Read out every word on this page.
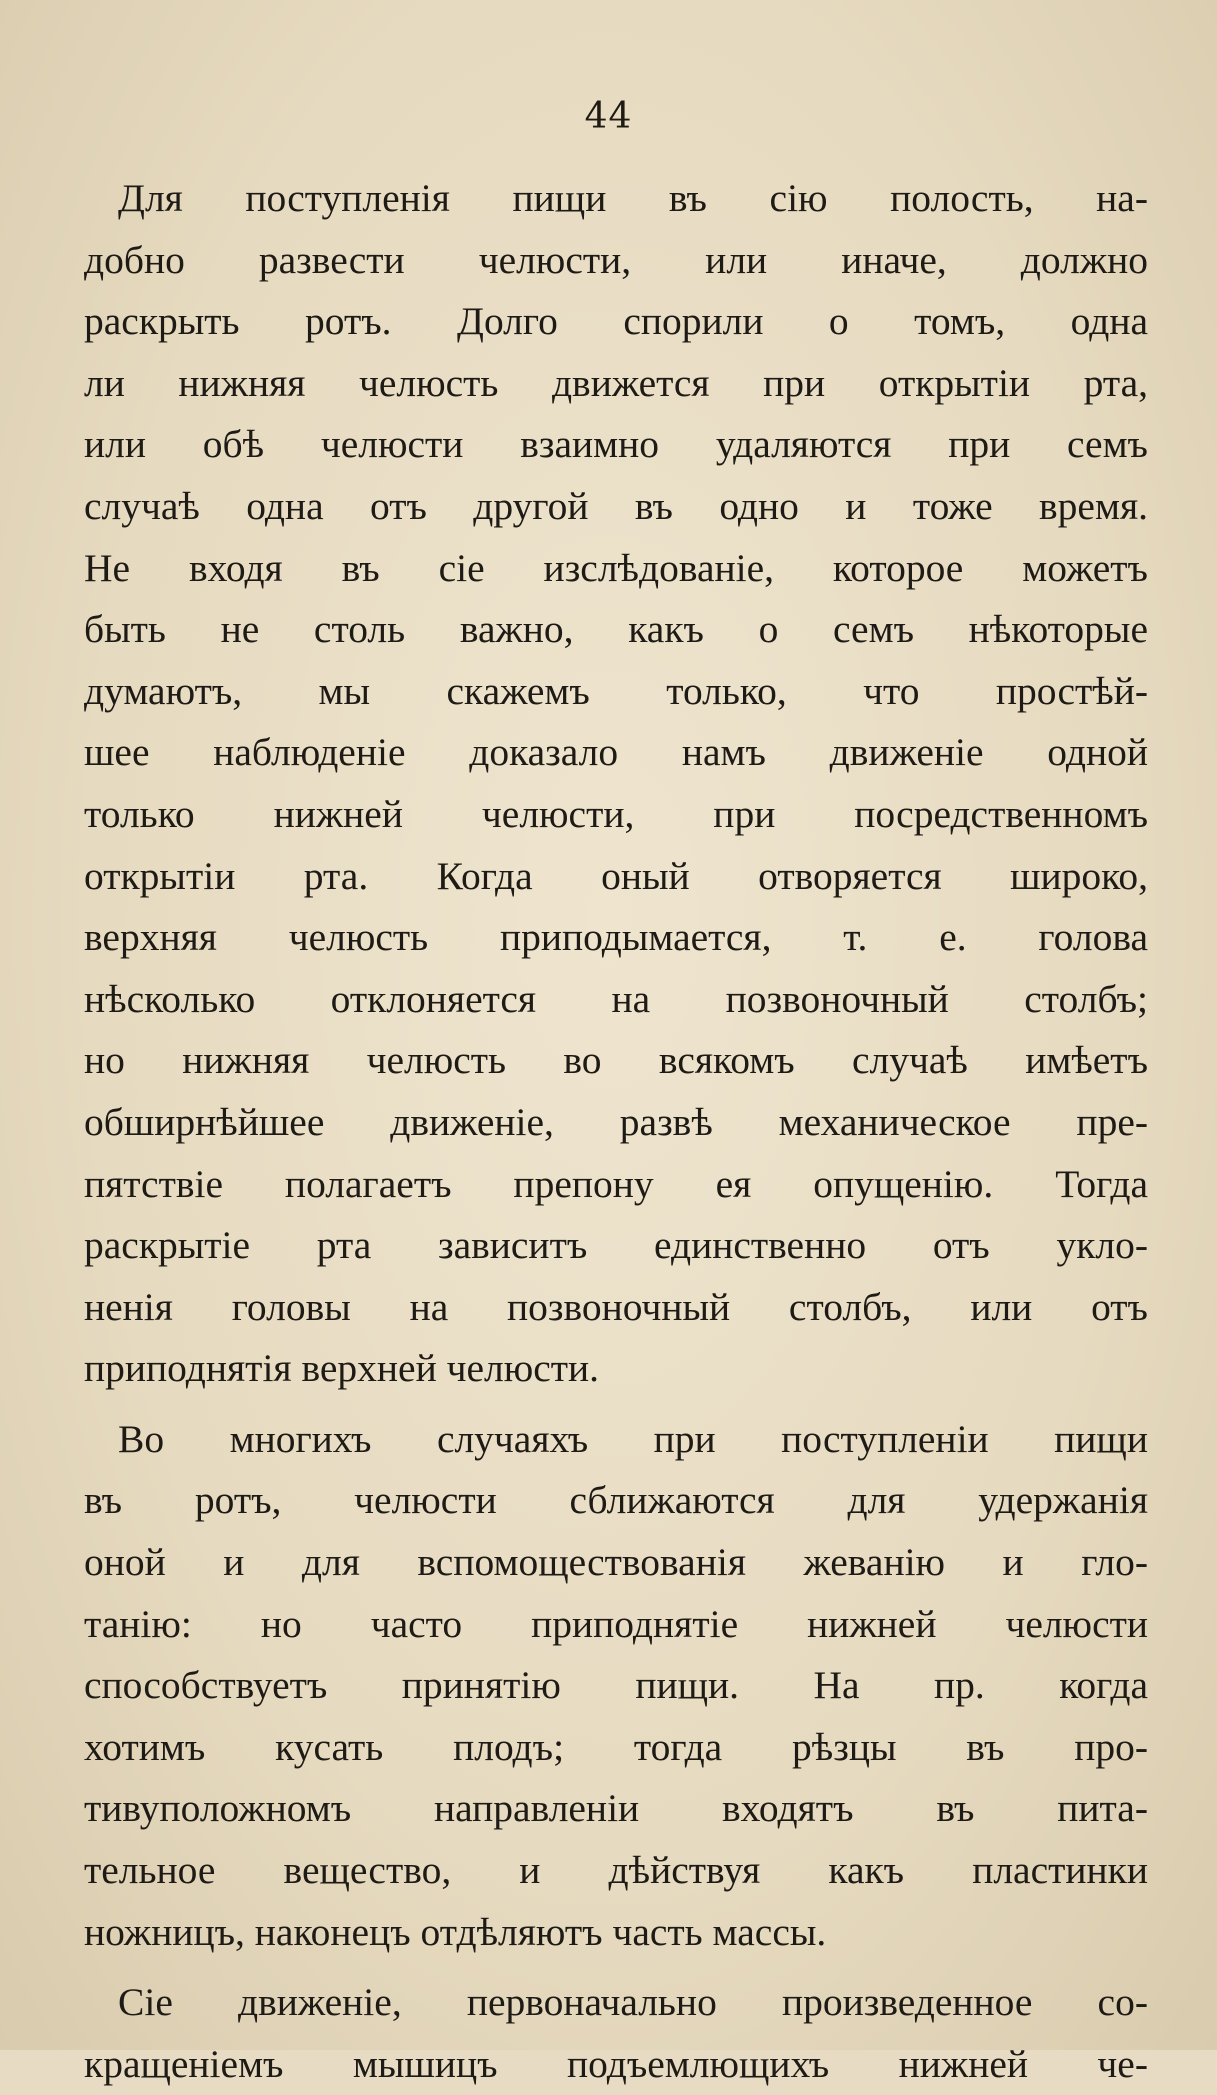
44

Для поступленія пищи въ сію полость, на-
добно развести челюсти, или иначе, должно
раскрыть ротъ. Долго спорили о томъ, одна
ли нижняя челюсть движется при открытіи рта,
или обѣ челюсти взаимно удаляются при семъ
случаѣ одна отъ другой въ одно и тоже время.
Не входя въ сіе изслѣдованіе, которое можетъ
быть не столь важно, какъ о семъ нѣкоторые
думаютъ, мы скажемъ только, что простѣй-
шее наблюденіе доказало намъ движеніе одной
только нижней челюсти, при посредственномъ
открытіи рта. Когда оный отворяется широко,
верхняя челюсть приподымается, т. е. голова
нѣсколько отклоняется на позвоночный столбъ;
но нижняя челюсть во всякомъ случаѣ имѣетъ
обширнѣйшее движеніе, развѣ механическое пре-
пятствіе полагаетъ препону ея опущенію. Тогда
раскрытіе рта зависитъ единственно отъ укло-
ненія головы на позвоночный столбъ, или отъ
приподнятія верхней челюсти.

Во многихъ случаяхъ при поступленіи пищи
въ ротъ, челюсти сближаются для удержанія
оной и для вспомоществованія жеванію и гло-
танію: но часто приподнятіе нижней челюсти
способствуетъ принятію пищи. На пр. когда
хотимъ кусать плодъ; тогда рѣзцы въ про-
тивуположномъ направленіи входятъ въ пита-
тельное вещество, и дѣйствуя какъ пластинки
ножницъ, наконецъ отдѣляютъ часть массы.

Сіе движеніе, первоначально произведенное со-
кращеніемъ мышицъ подъемлющихъ нижней че-
